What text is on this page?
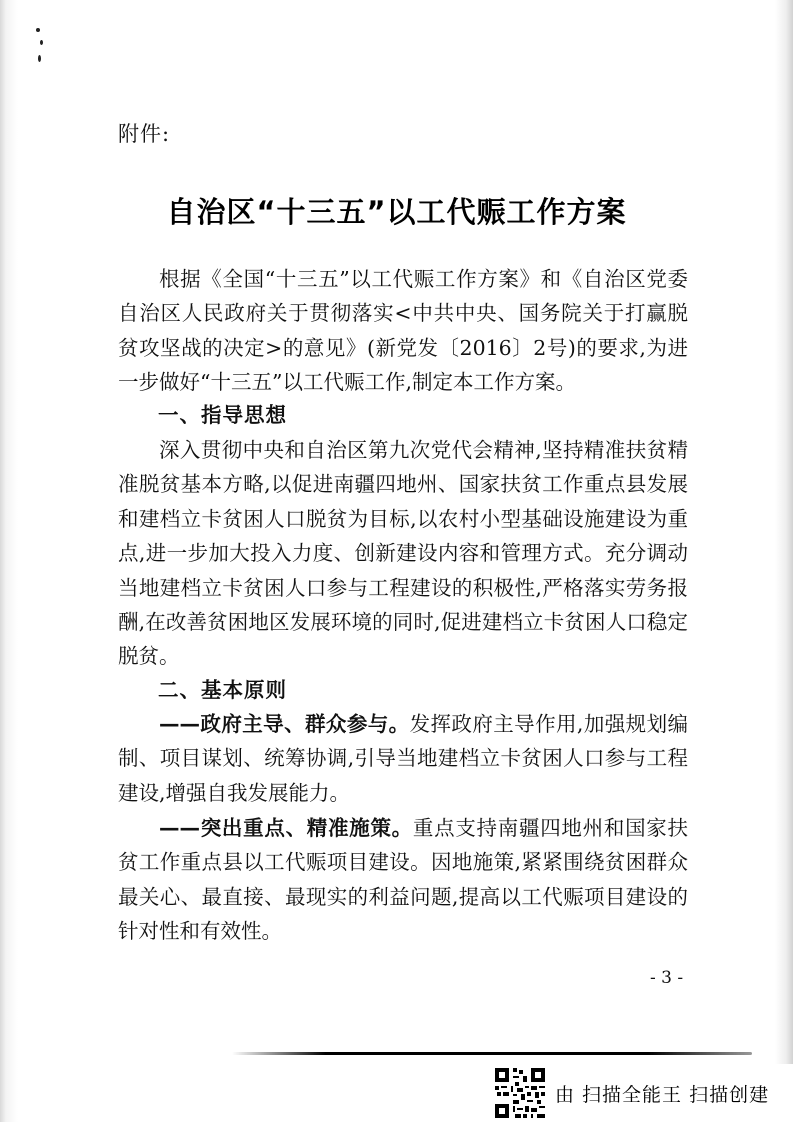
附件:
自治区“十三五”以工代赈工作方案
根据《全国“十三五”以工代赈工作方案》和《自治区党委自治区人民政府关于贯彻落实<中共中央、国务院关于打赢脱贫攻坚战的决定>的意见》(新党发〔2016〕2号)的要求,为进一步做好“十三五”以工代赈工作,制定本工作方案。
一、指导思想
深入贯彻中央和自治区第九次党代会精神,坚持精准扶贫精准脱贫基本方略,以促进南疆四地州、国家扶贫工作重点县发展和建档立卡贫困人口脱贫为目标,以农村小型基础设施建设为重点,进一步加大投入力度、创新建设内容和管理方式。充分调动当地建档立卡贫困人口参与工程建设的积极性,严格落实劳务报酬,在改善贫困地区发展环境的同时,促进建档立卡贫困人口稳定脱贫。
二、基本原则
——政府主导、群众参与。发挥政府主导作用,加强规划编制、项目谋划、统筹协调,引导当地建档立卡贫困人口参与工程建设,增强自我发展能力。
——突出重点、精准施策。重点支持南疆四地州和国家扶贫工作重点县以工代赈项目建设。因地施策,紧紧围绕贫困群众最关心、最直接、最现实的利益问题,提高以工代赈项目建设的针对性和有效性。
- 3 -
由 扫描全能王 扫描创建
